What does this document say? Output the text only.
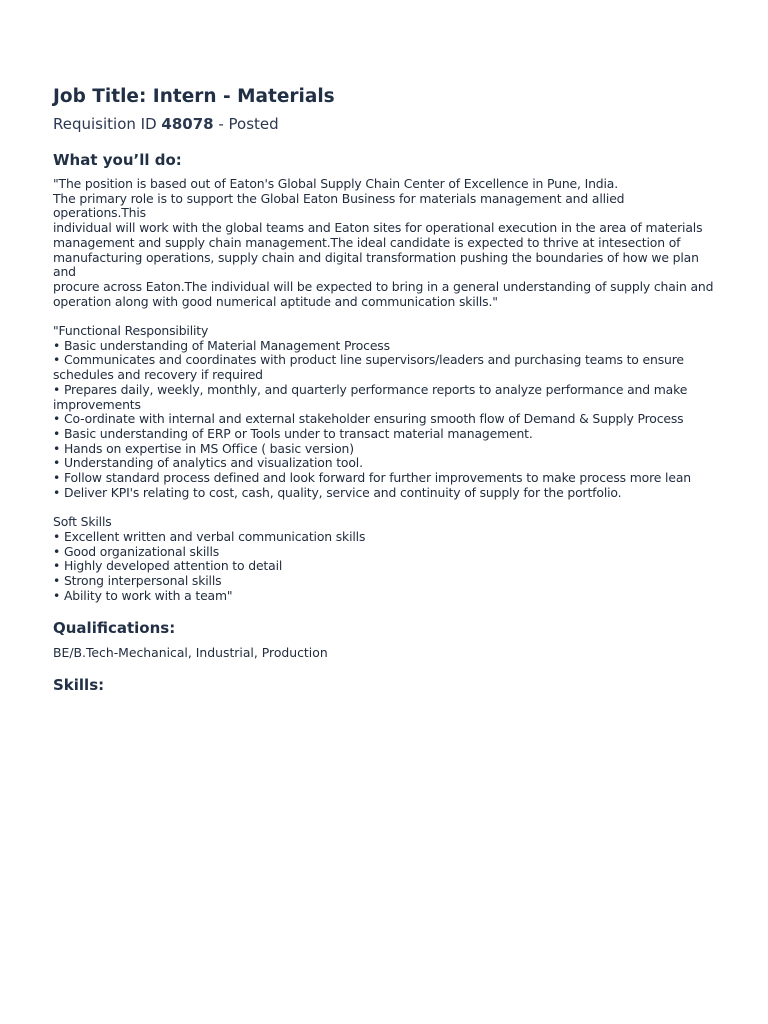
Job Title: Intern - Materials
Requisition ID 48078 - Posted
What you’ll do:

"The position is based out of Eaton's Global Supply Chain Center of Excellence in Pune, India.

The primary role is to support the Global Eaton Business for materials management and allied operations.This

individual will work with the global teams and Eaton sites for operational execution in the area of materials

management and supply chain management.The ideal candidate is expected to thrive at intesection of

manufacturing operations, supply chain and digital transformation pushing the boundaries of how we plan and

procure across Eaton.The individual will be expected to bring in a general understanding of supply chain and

operation along with good numerical aptitude and communication skills."

"Functional Responsibility

• Basic understanding of Material Management Process

• Communicates and coordinates with product line supervisors/leaders and purchasing teams to ensure

schedules and recovery if required

• Prepares daily, weekly, monthly, and quarterly performance reports to analyze performance and make

improvements

• Co-ordinate with internal and external stakeholder ensuring smooth flow of Demand & Supply Process

• Basic understanding of ERP or Tools under to transact material management.

• Hands on expertise in MS Office ( basic version)

• Understanding of analytics and visualization tool.

• Follow standard process defined and look forward for further improvements to make process more lean

• Deliver KPI's relating to cost, cash, quality, service and continuity of supply for the portfolio.

Soft Skills

• Excellent written and verbal communication skills

• Good organizational skills

• Highly developed attention to detail

• Strong interpersonal skills

• Ability to work with a team"

Qualifications:
BE/B.Tech-Mechanical, Industrial, Production
Skills:
